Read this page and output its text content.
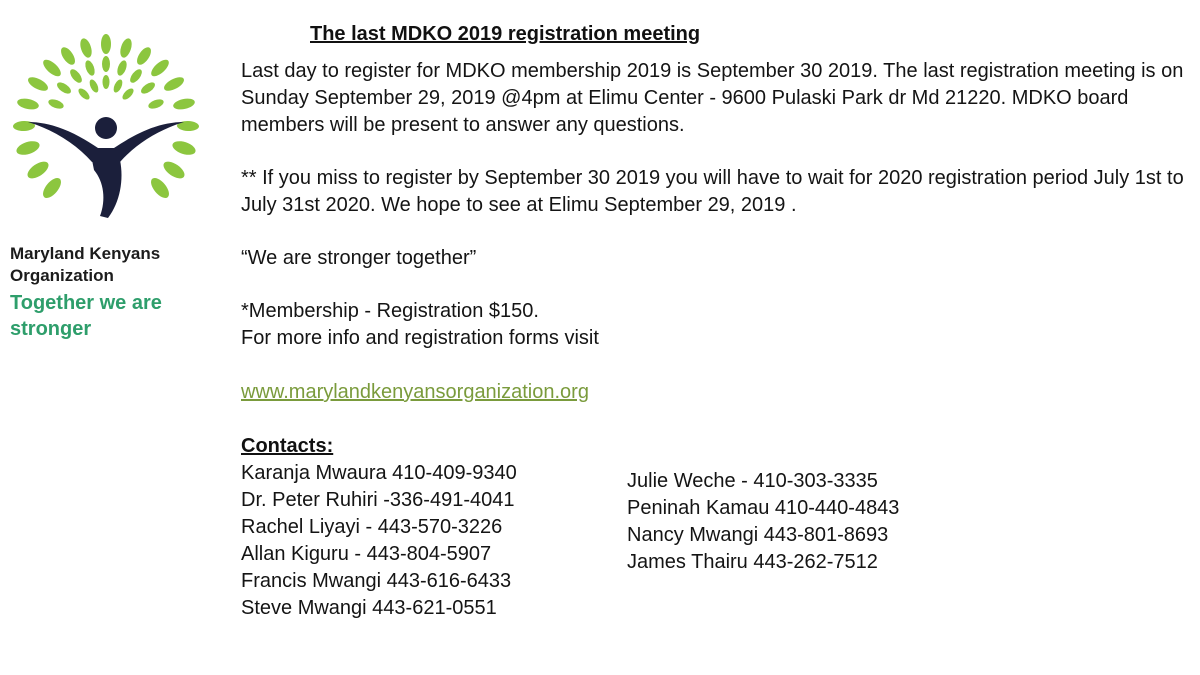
Maryland Kenyans Organization
Together we are stronger
The last MDKO 2019 registration meeting

Last day to register for MDKO membership 2019 is September 30 2019. The last registration meeting is on Sunday September 29, 2019 @4pm at Elimu Center - 9600 Pulaski Park dr Md 21220. MDKO board members will be present to answer any questions.

** If you miss to register by September 30 2019 you will have to wait for 2020 registration period July 1st to July 31st 2020. We hope to see at Elimu September 29, 2019 .

“We are stronger together”

*Membership - Registration $150.

For more info and registration forms visit

www.marylandkenyansorganization.org
Contacts:
Karanja Mwaura 410-409-9340
Dr. Peter Ruhiri -336-491-4041
Rachel Liyayi - 443-570-3226
Allan Kiguru - 443-804-5907
Francis Mwangi 443-616-6433
Steve Mwangi 443-621-0551
Julie Weche - 410-303-3335
Peninah Kamau 410-440-4843
Nancy Mwangi 443-801-8693
James Thairu 443-262-7512
